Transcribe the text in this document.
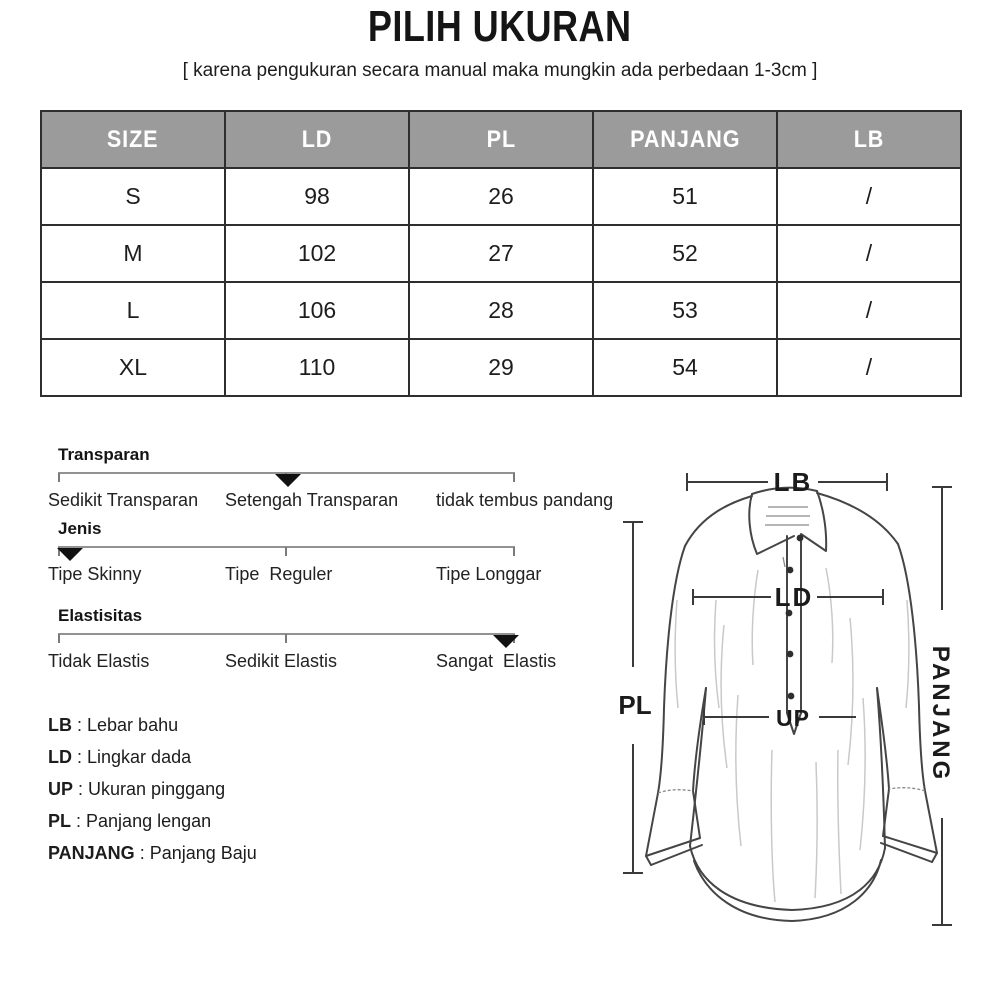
PILIH UKURAN
[ karena pengukuran secara manual maka mungkin ada perbedaan 1-3cm ]
SIZE	LD	PL	PANJANG	LB
S	98	26	51	/
M	102	27	52	/
L	106	28	53	/
XL	110	29	54	/
Transparan
Sedikit Transparan Setengah Transparan tidak tembus pandang
Jenis
Tipe Skinny	Tipe  Reguler	Tipe Longgar
Elastisitas
Tidak Elastis	Sedikit Elastis	Sangat  Elastis
LB : Lebar bahu
LD : Lingkar dada
UP : Ukuran pinggang
PL : Panjang lengan
PANJANG : Panjang Baju
LB
LD
UP
PL	PANJANG
